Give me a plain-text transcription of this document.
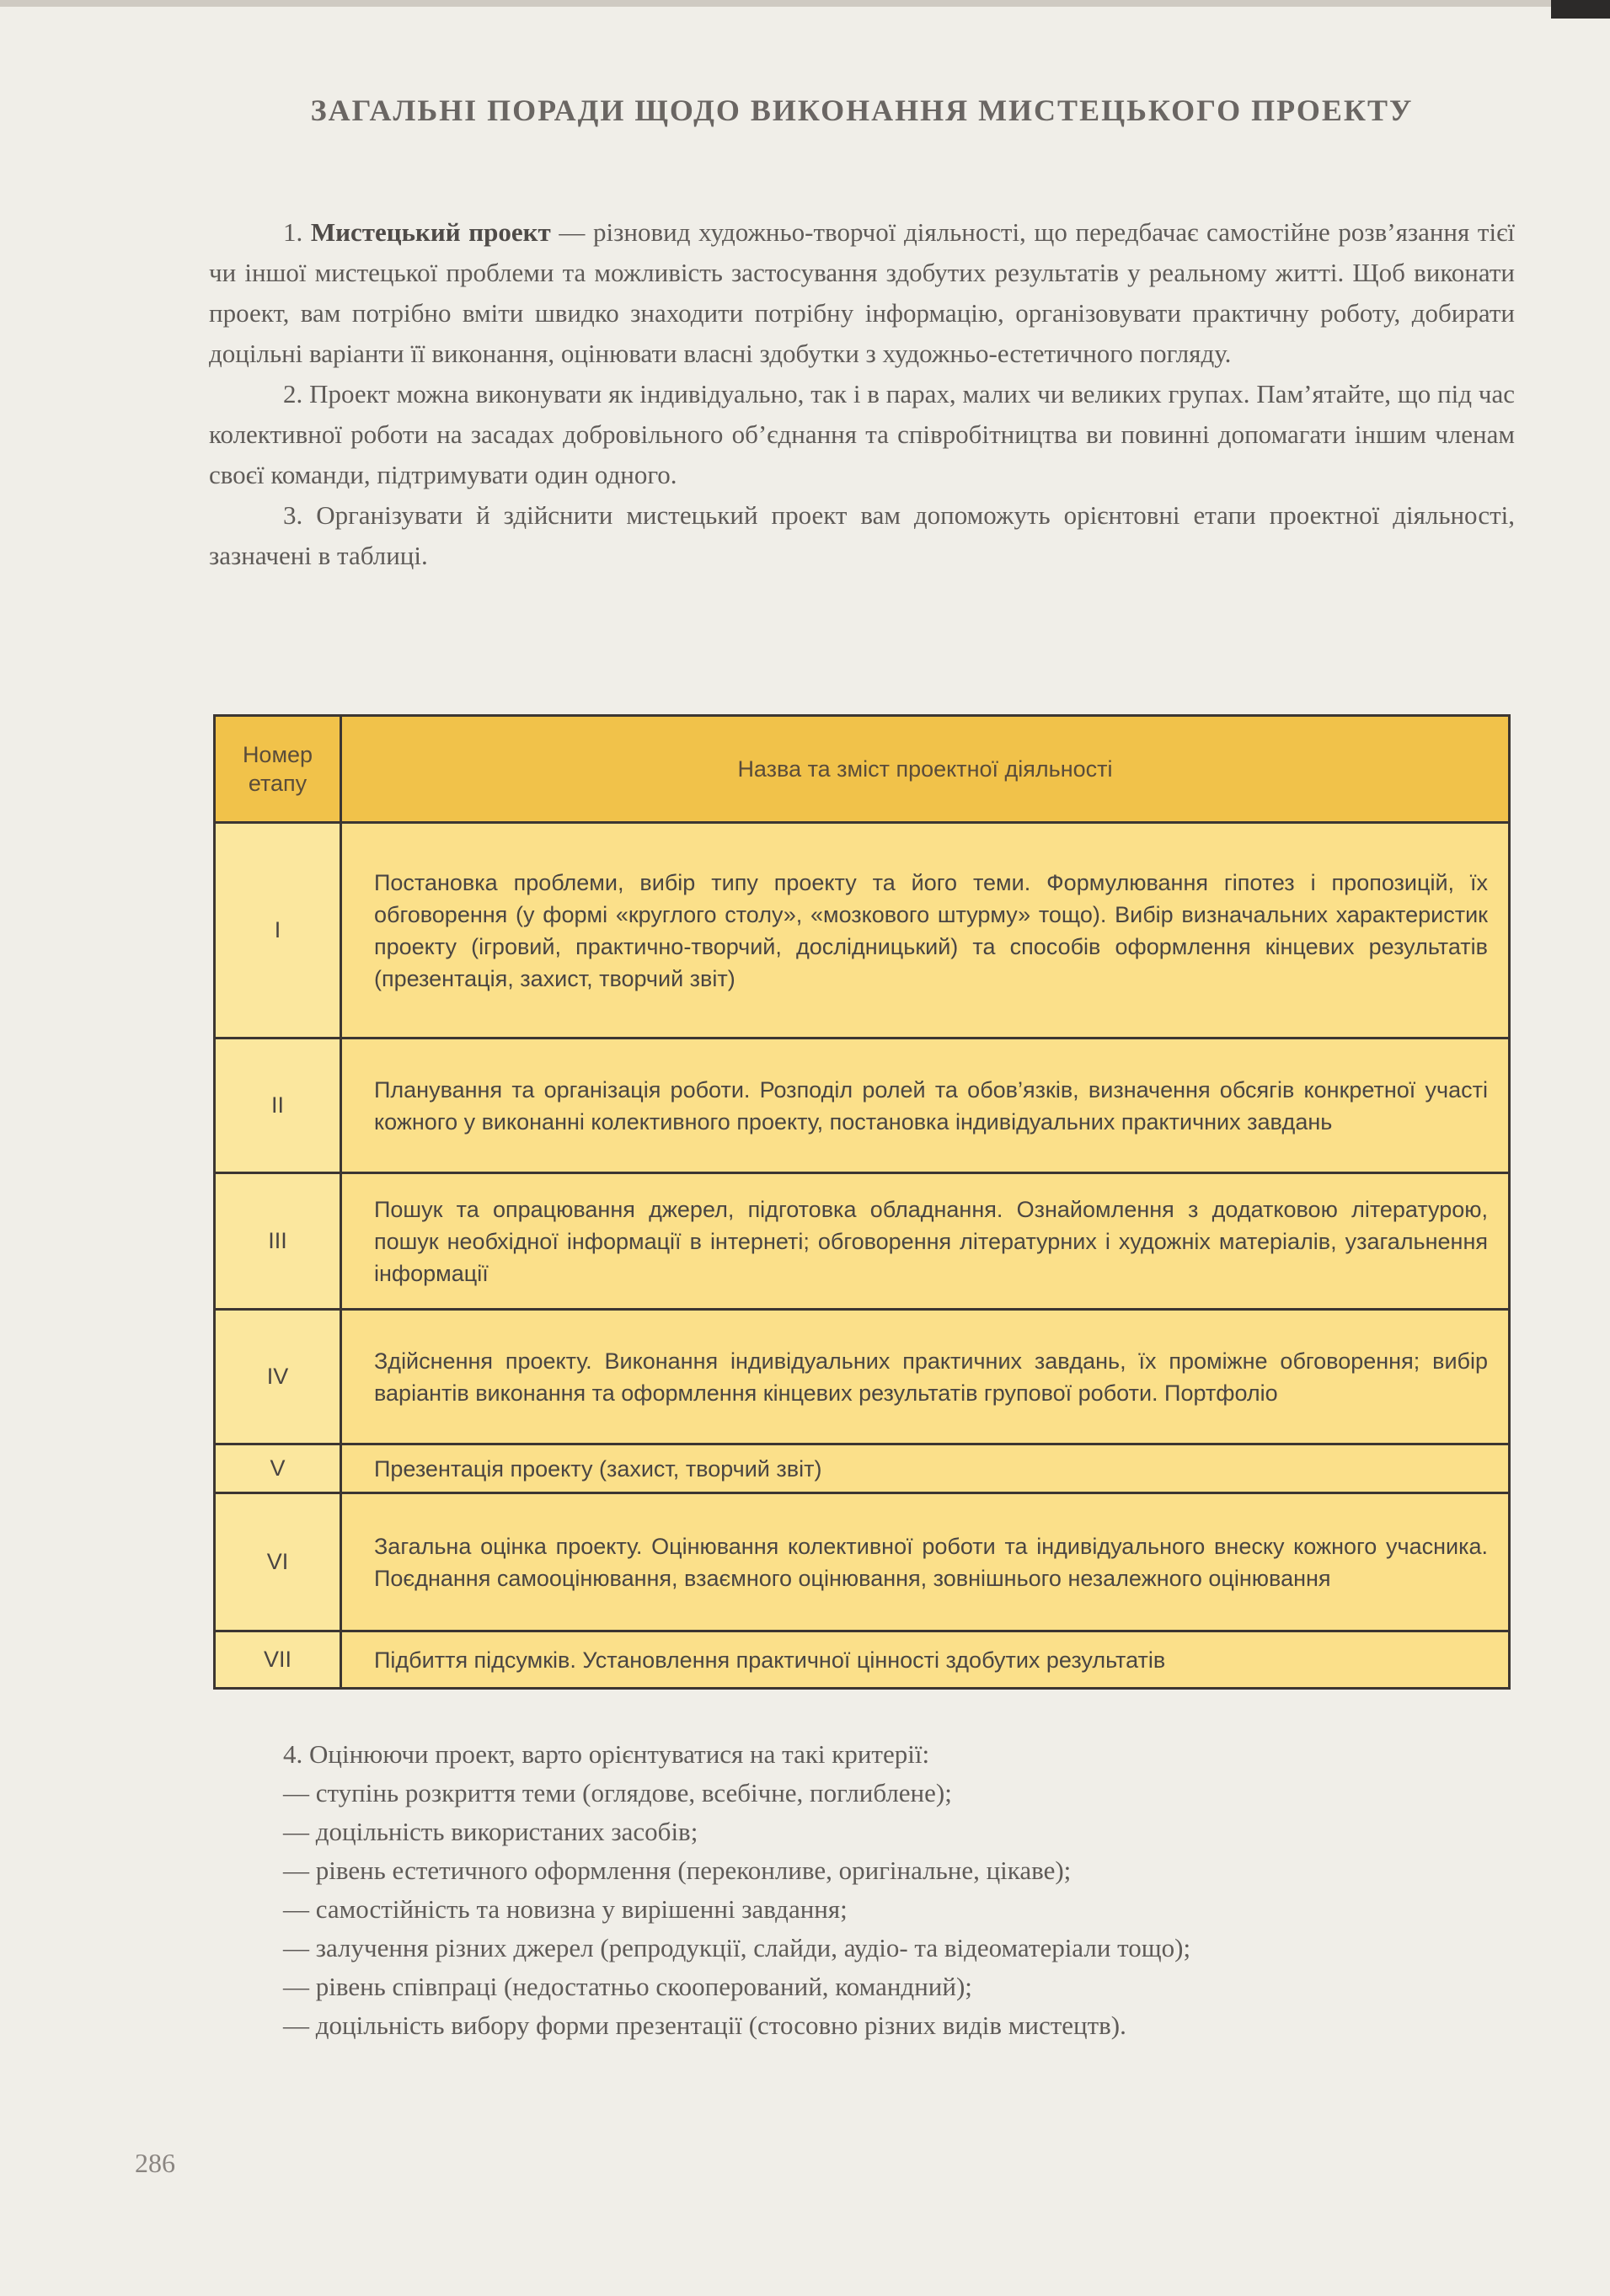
ЗАГАЛЬНІ ПОРАДИ ЩОДО ВИКОНАННЯ МИСТЕЦЬКОГО ПРОЕКТУ

1. Мистецький проект — різновид художньо-творчої діяльності, що передбачає самостійне розв’язання тієї чи іншої мистецької проблеми та можливість застосування здобутих результатів у реальному житті. Щоб виконати проект, вам потрібно вміти швидко знаходити потрібну інформацію, організовувати практичну роботу, добирати доцільні варіанти її виконання, оцінювати власні здобутки з художньо-естетичного погляду.

2. Проект можна виконувати як індивідуально, так і в парах, малих чи великих групах. Пам’ятайте, що під час колективної роботи на засадах добровільного об’єднання та співробітництва ви повинні допомагати іншим членам своєї команди, підтримувати один одного.

3. Організувати й здійснити мистецький проект вам допоможуть орієнтовні етапи проектної діяльності, зазначені в таблиці.

Номер етапу	Назва та зміст проектної діяльності
I	Постановка проблеми, вибір типу проекту та його теми. Формулювання гіпотез і пропозицій, їх обговорення (у формі «круглого столу», «мозкового штурму» тощо). Вибір визначальних характеристик проекту (ігровий, практично-творчий, дослідницький) та способів оформлення кінцевих результатів (презентація, захист, творчий звіт)
II	Планування та організація роботи. Розподіл ролей та обов’язків, визначення обсягів конкретної участі кожного у виконанні колективного проекту, постановка індивідуальних практичних завдань
III	Пошук та опрацювання джерел, підготовка обладнання. Ознайомлення з додатковою літературою, пошук необхідної інформації в інтернеті; обговорення літературних і художніх матеріалів, узагальнення інформації
IV	Здійснення проекту. Виконання індивідуальних практичних завдань, їх проміжне обговорення; вибір варіантів виконання та оформлення кінцевих результатів групової роботи. Портфоліо
V	Презентація проекту (захист, творчий звіт)
VI	Загальна оцінка проекту. Оцінювання колективної роботи та індивідуального внеску кожного учасника. Поєднання самооцінювання, взаємного оцінювання, зовнішнього незалежного оцінювання
VII	Підбиття підсумків. Установлення практичної цінності здобутих результатів

4. Оцінюючи проект, варто орієнтуватися на такі критерії:

— ступінь розкриття теми (оглядове, всебічне, поглиблене);

— доцільність використаних засобів;

— рівень естетичного оформлення (переконливе, оригінальне, цікаве);

— самостійність та новизна у вирішенні завдання;

— залучення різних джерел (репродукції, слайди, аудіо- та відеоматеріали тощо);

— рівень співпраці (недостатньо скооперований, командний);

— доцільність вибору форми презентації (стосовно різних видів мистецтв).

286
